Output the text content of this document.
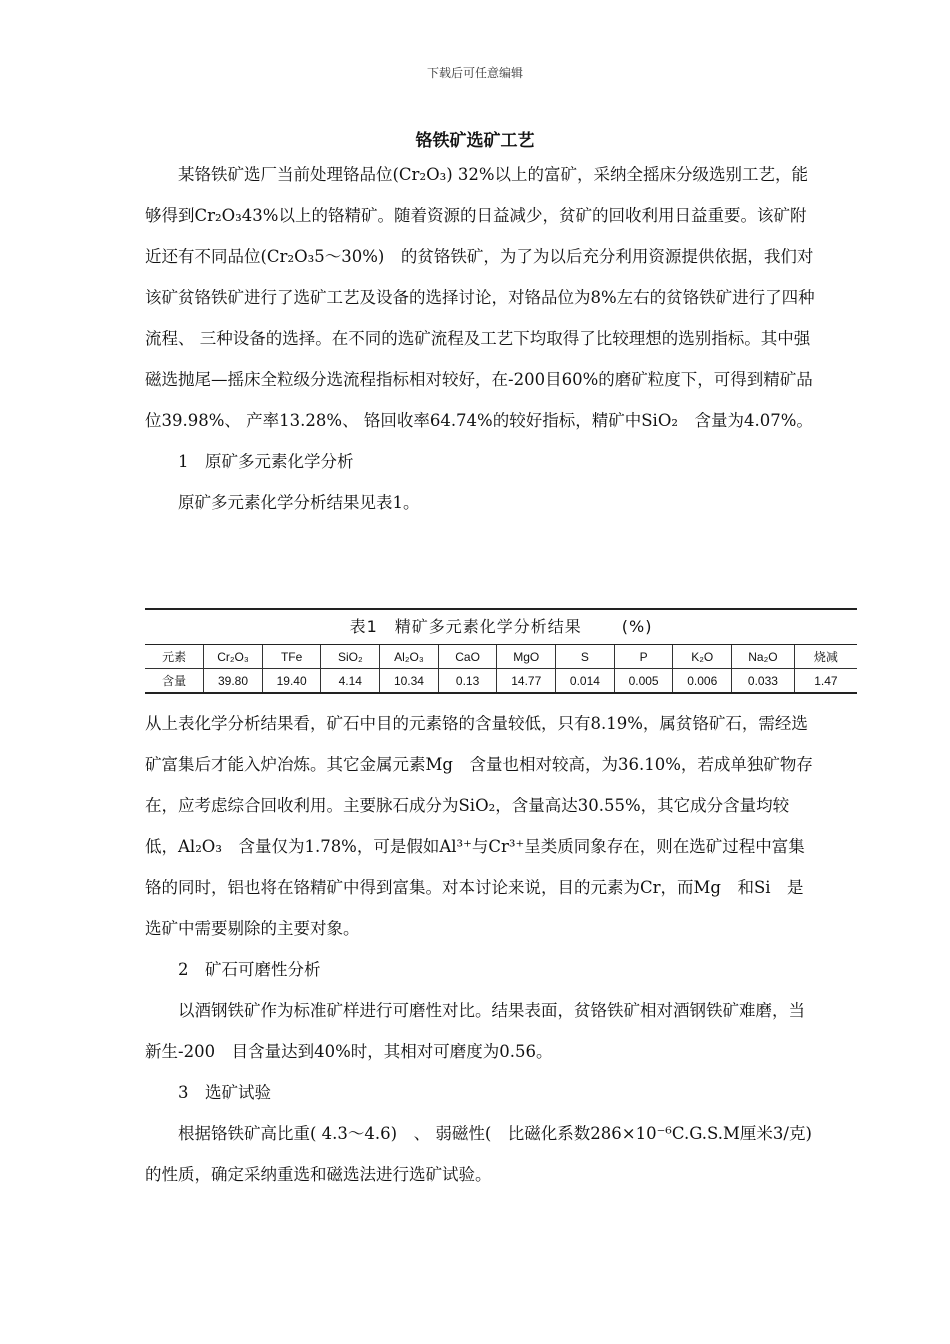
下载后可任意编辑
铬铁矿选矿工艺

某铬铁矿选厂当前处理铬品位(Cr₂O₃) 32%以上的富矿，采纳全摇床分级选别工艺，能够得到Cr₂O₃43%以上的铬精矿。随着资源的日益减少，贫矿的回收利用日益重要。该矿附近还有不同品位(Cr₂O₃5～30%)　的贫铬铁矿，为了为以后充分利用资源提供依据，我们对该矿贫铬铁矿进行了选矿工艺及设备的选择讨论，对铬品位为8%左右的贫铬铁矿进行了四种流程、 三种设备的选择。在不同的选矿流程及工艺下均取得了比较理想的选别指标。其中强磁选抛尾—摇床全粒级分选流程指标相对较好，在-200目60%的磨矿粒度下，可得到精矿品位39.98%、 产率13.28%、 铬回收率64.74%的较好指标，精矿中SiO₂　含量为4.07%。

1　原矿多元素化学分析

原矿多元素化学分析结果见表1。

表1　精矿多元素化学分析结果	(%)
元素	Cr₂O₃	TFe	SiO₂	Al₂O₃	CaO	MgO	S	P	K₂O	Na₂O	烧减
含量	39.80	19.40	4.14	10.34	0.13	14.77	0.014	0.005	0.006	0.033	1.47

从上表化学分析结果看，矿石中目的元素铬的含量较低，只有8.19%，属贫铬矿石，需经选矿富集后才能入炉冶炼。其它金属元素Mg　含量也相对较高，为36.10%，若成单独矿物存在，应考虑综合回收利用。主要脉石成分为SiO₂，含量高达30.55%，其它成分含量均较低，Al₂O₃　含量仅为1.78%，可是假如Al³⁺与Cr³⁺呈类质同象存在，则在选矿过程中富集铬的同时，铝也将在铬精矿中得到富集。对本讨论来说，目的元素为Cr，而Mg　和Si　是选矿中需要剔除的主要对象。

2　矿石可磨性分析

以酒钢铁矿作为标准矿样进行可磨性对比。结果表面，贫铬铁矿相对酒钢铁矿难磨，当新生-200　目含量达到40%时，其相对可磨度为0.56。

3　选矿试验

根据铬铁矿高比重( 4.3～4.6)　、 弱磁性(　比磁化系数286×10⁻⁶C.G.S.M厘米3/克)　的性质，确定采纳重选和磁选法进行选矿试验。
